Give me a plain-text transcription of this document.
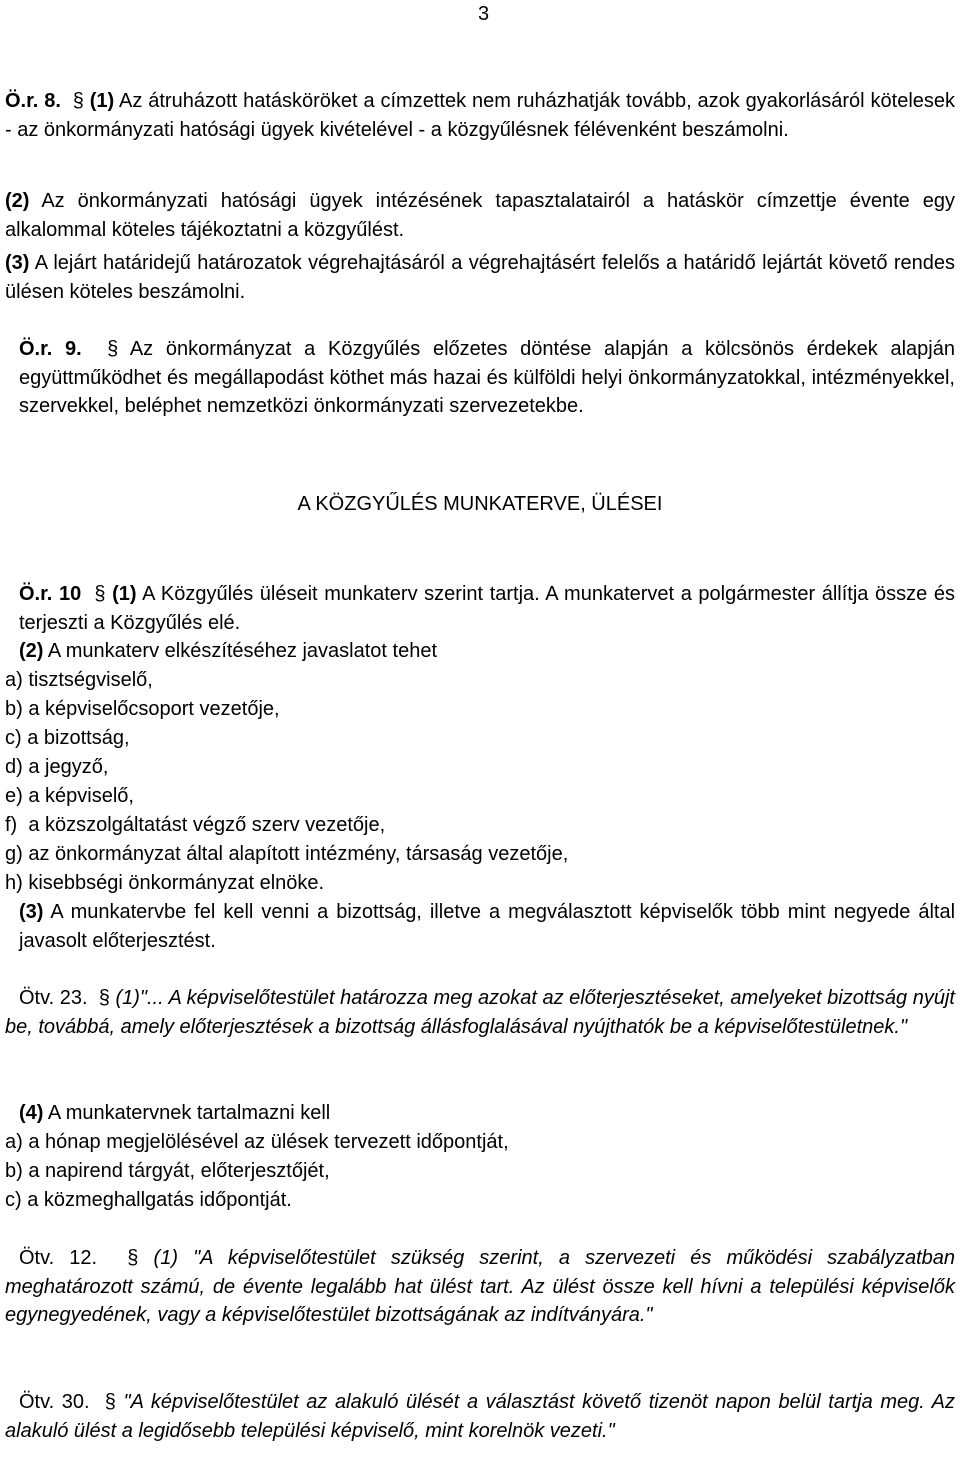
3

Ö.r. 8. § (1) Az átruházott hatásköröket a címzettek nem ruházhatják tovább, azok gyakorlásáról kötelesek - az önkormányzati hatósági ügyek kivételével - a közgyűlésnek félévenként beszámolni.

(2) Az önkormányzati hatósági ügyek intézésének tapasztalatairól a hatáskör címzettje évente egy alkalommal köteles tájékoztatni a közgyűlést.

(3) A lejárt határidejű határozatok végrehajtásáról a végrehajtásért felelős a határidő lejártát követő rendes ülésen köteles beszámolni.

Ö.r. 9. § Az önkormányzat a Közgyűlés előzetes döntése alapján a kölcsönös érdekek alapján együttműködhet és megállapodást köthet más hazai és külföldi helyi önkormányzatokkal, intézményekkel, szervekkel, beléphet nemzetközi önkormányzati szervezetekbe.

A KÖZGYŰLÉS MUNKATERVE, ÜLÉSEI

Ö.r. 10 § (1) A Közgyűlés üléseit munkaterv szerint tartja. A munkatervet a polgármester állítja össze és terjeszti a Közgyűlés elé.

(2) A munkaterv elkészítéséhez javaslatot tehet

a) tisztségviselő,

b) a képviselőcsoport vezetője,

c) a bizottság,

d) a jegyző,

e) a képviselő,

f)  a közszolgáltatást végző szerv vezetője,

g) az önkormányzat által alapított intézmény, társaság vezetője,

h) kisebbségi önkormányzat elnöke.

(3) A munkatervbe fel kell venni a bizottság, illetve a megválasztott képviselők több mint negyede által javasolt előterjesztést.

Ötv. 23. § (1)"... A képviselőtestület határozza meg azokat az előterjesztéseket, amelyeket bizottság nyújt be, továbbá, amely előterjesztések a bizottság állásfoglalásával nyújthatók be a képviselőtestületnek."

(4) A munkatervnek tartalmazni kell

a) a hónap megjelölésével az ülések tervezett időpontját,

b) a napirend tárgyát, előterjesztőjét,

c) a közmeghallgatás időpontját.

Ötv. 12. § (1) "A képviselőtestület szükség szerint, a szervezeti és működési szabályzatban meghatározott számú, de évente legalább hat ülést tart. Az ülést össze kell hívni a települési képviselők egynegyedének, vagy a képviselőtestület bizottságának az indítványára."

Ötv. 30. § "A képviselőtestület az alakuló ülését a választást követő tizenöt napon belül tartja meg. Az alakuló ülést a legidősebb települési képviselő, mint korelnök vezeti."
